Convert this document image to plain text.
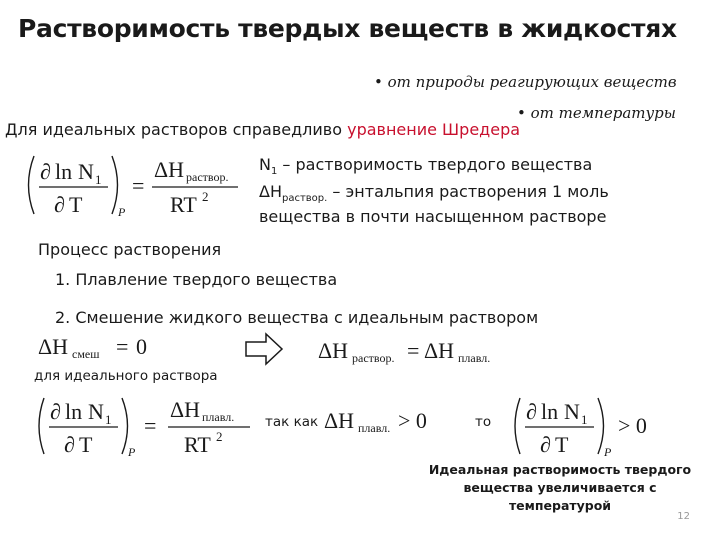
Растворимость твердых веществ в жидкостях
• от природы реагирующих веществ
• от температуры
Для идеальных растворов справедливо уравнение Шредера
∂ ln N 1
∂ T	P
=
ΔH раствор.
RT 2
$N_1$ – растворимость твердого вещества
$\Delta H_{раствор.}$ – энтальпия растворения 1 моль
вещества в почти насыщенном растворе
Процесс растворения
1. Плавление твердого вещества
2. Смешение жидкого вещества с идеальным раствором
ΔH смеш = 0	ΔH раствор. = ΔH плавл.
для идеального раствора
∂ ln N 1
∂ T	P
=
ΔH плавл.
RT 2
так как ΔH плавл. > 0	то ∂ ln N 1
∂ T	P
> 0
Идеальная растворимость твердого
вещества увеличивается с
температурой
12
